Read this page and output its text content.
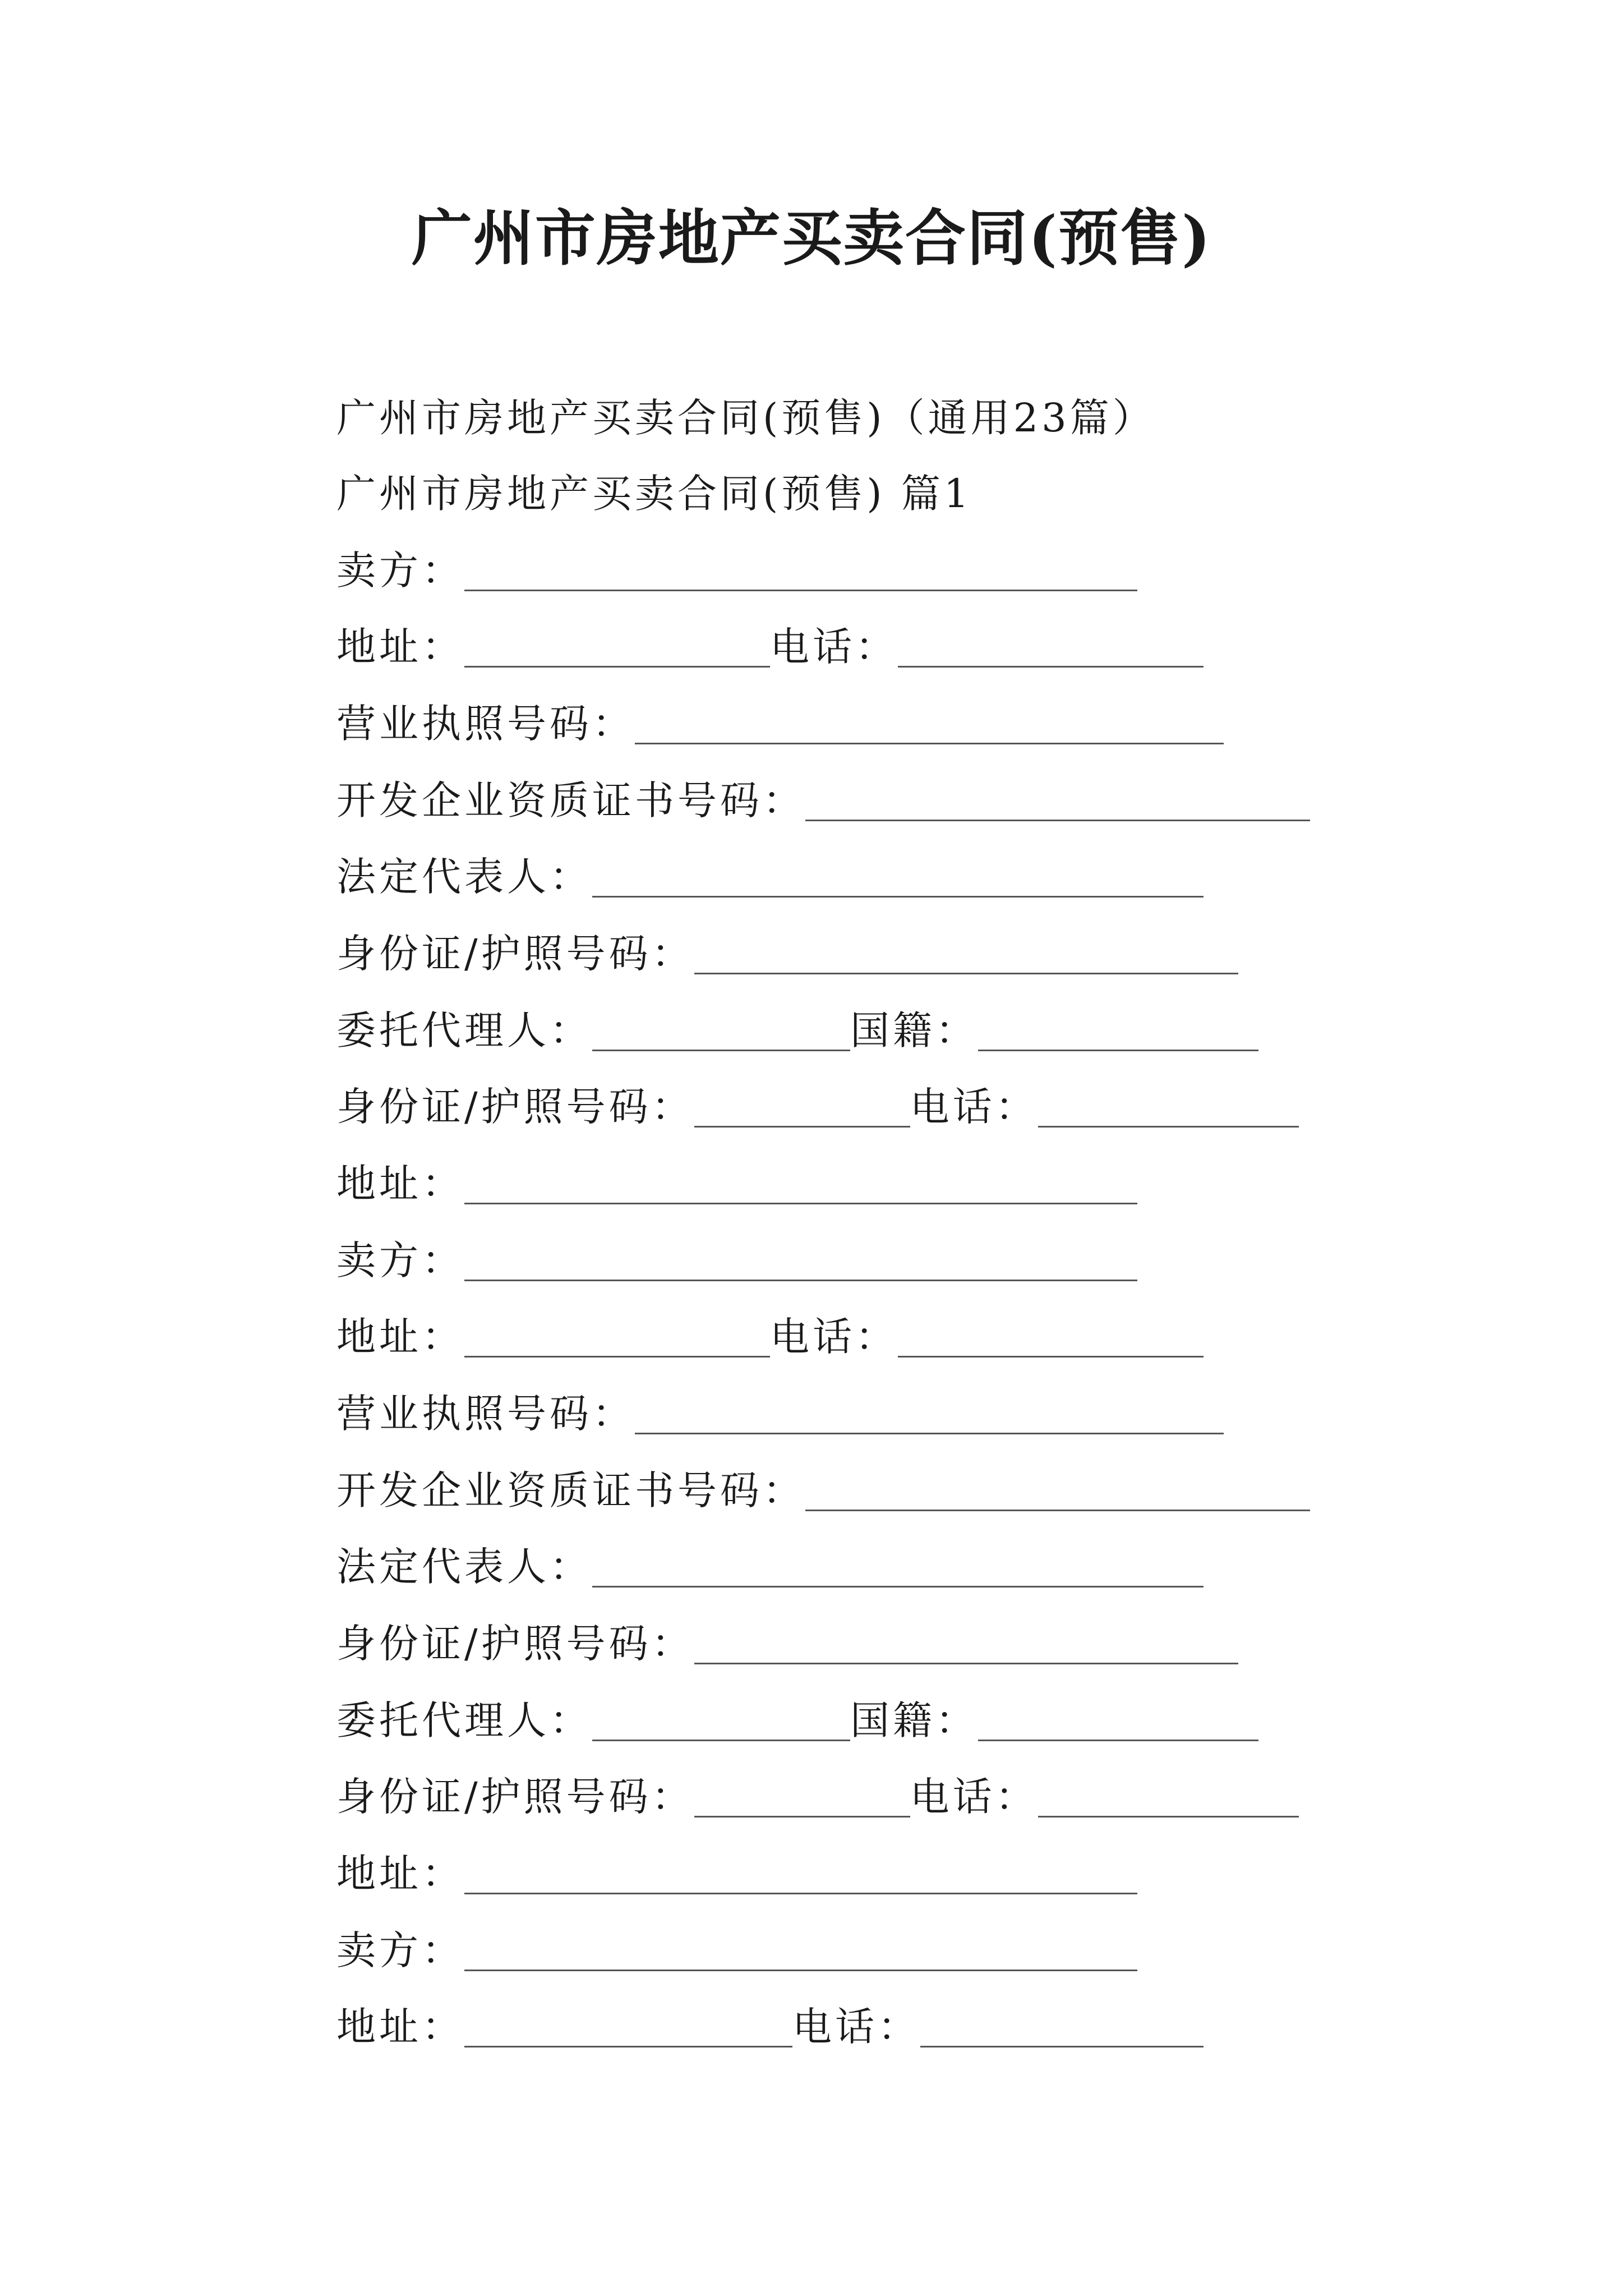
广州市房地产买卖合同(预售)
广州市房地产买卖合同(预售)（通用23篇）
广州市房地产买卖合同(预售) 篇1
卖方：
地址：	电话：
营业执照号码：
开发企业资质证书号码：
法定代表人：
身份证/护照号码：
委托代理人：	国籍：
身份证/护照号码：	电话：
地址：
卖方：
地址：	电话：
营业执照号码：
开发企业资质证书号码：
法定代表人：
身份证/护照号码：
委托代理人：	国籍：
身份证/护照号码：	电话：
地址：
卖方：
地址：	电话：
